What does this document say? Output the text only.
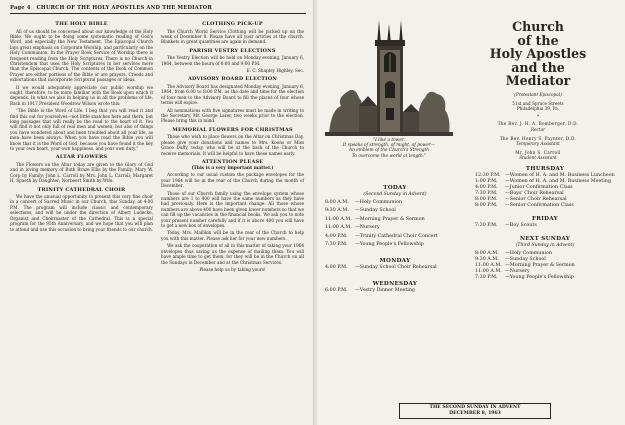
Page 4 CHURCH OF THE HOLY APOSTLES AND THE MEDIATOR
THE HOLY BIBLE

All of us should be concerned about our knowledge of the Holy Bible. We ought to be doing some systematic reading of God's Word, and especially the New Testament. The Episcopal Church lays great emphasis on Corporate Worship, and particularly on the Holy Communion. In the Prayer Book Service of Worship there is frequent reading from the Holy Scriptures. There is no Church in Christendom that uses the Holy Scriptures in her services more than the Episcopal Church. The contents of the Book of Common Prayer are either portions of the Bible or are prayers, Creeds and exhortations that incorporate Scriptural passages or ideas.

If we would adequately appreciate our public worship we ought, therefore, to be more familiar with the Book upon which it depends. In what we also in helping us in all the problems of life. Back in 1917 President Woodrow Wilson wrote this:

"The Bible is the Word of Life. I beg that you will read it and find this out for yourselves—not little snatches here and there, but long passages that will really be the road to the heart of it. You will find it not only full of real men and women, but also of things you have wondered about and been troubled about all your life, as men have been always. When you have read the Bible you will know that it is the Word of God, because you have found it the key to your own heart, your own happiness, and your own duty."

ALTAR FLOWERS

The Flowers on the Altar today are given to the Glory of God and in loving memory of Ruth Braze Ellis by the Family; Mary W. Corp by Family; John L. Carroll by Mrs. John L. Carroll; Margaret H. Spaeth by Daughter; Norbeert Smith by Wife.

TRINITY CATHEDRAL CHOIR

We have the unusual opportunity to present this very fine choir in a concert of Sacred Music in our Church, this Sunday, at 4:00 P.M. The program will include classic and contemporary selections, and will be under the direction of Albert Ludecke, Organist and Choirmaster of the Cathedral. This is a special program for the 95th Anniversary, and we hope that you will plan to attend and use this occasion to bring your friends to our church.

CLOTHING PICK-UP

The Church World Service Clothing will be picked up on the week of December 8. Please have all your articles at the church. Blankets in great quantities are again in demand.

PARISH VESTRY ELECTIONS

The Vestry Election will be held on Monday evening, January 6, 1964, between the hours of 8:00 and 9:00 P.M.

E. C. Shapley Highley, Sec.
ADVISORY BOARD ELECTION

The Advisory Board has designated Monday evening, January 6, 1964, from 6:00 to 8:00 P.M. as the date and time for the election of four men to the Advisory Board to fill the places of four whose terms will expire.

All nominations with five signatures must be made in writing to the Secretary, Mr. George Lazer, two weeks prior to the election. Please bring this in mind.

MEMORIAL FLOWERS FOR CHRISTMAS

Those who wish to place flowers on the Altar on Christmas Day, please give your donations and names to Mrs. Koons or Miss Grace Duffy, today, who will be at the back of the Church to receive memorials. It will be helpful to have these names early.

ATTENTION PLEASE
(This is a very important matter.)

According to our usual custom the package envelopes for the year 1964 will be in the rear of the Church during the month of December.

Those of our Church family using the envelope system whose numbers are 1 to 400 will have the same numbers as they have had previously. Here is the important change: All those whose numbers are above 400 have been given lower numbers so that we can fill up the vacancies in the financial books. We ask you to note your present number carefully and if it is above 400 you will have to get a new box of envelopes.

Today, Mrs. Mallikin will be in the rear of the Church to help you with this matter. Please ask her for your new numbers.

We ask the cooperation of all in this matter of taking your 1964 envelopes thus saving us the expense of mailing them. You will have ample time to get them, for they will be in the Church on all the Sundays in December and at the Christmas Services.

Please help us by taking yours!

"I like a tower.
It speaks of strength, of might, of power—
An emblem of the Church's Strength
To overcome the world at length."
Church
of the
Holy Apostles
and the
Mediator
(Protestant Episcopal)
51st and Spruce Streets
Philadelphia 39, Pa.
*
The Rev. J. H. A. Bomberger, D.D.
Rector
The Rev. Henry S. Paynter, D.D.
Temporary Assistant
Mr. John S. Carroll
Student Assistant
TODAY
(Second Sunday in Advent)
8:00 A.M.	—Holy Communion
9:30 A.M.	—Sunday School
11:00 A.M. —Morning Prayer & Sermon
11:00 A.M. —Nursery
4:00 P.M.	—Trinity Cathedral Choir Concert
7:30 P.M.	—Young People's Fellowship
MONDAY
4:00 P.M.	—Sunday School Choir Rehearsal
WEDNESDAY
6:00 P.M.	—Vestry Dinner Meeting
THURSDAY
12:30 P.M. —Women of H. A. and M. Business Luncheon
1:00 P.M.	—Women of H. A. and M. Business Meeting
4:00 P.M.	—Junior Confirmation Class
7:30 P.M.	—Boys' Choir Rehearsal
8:00 P.M.	—Senior Choir Rehearsal
8:00 P.M.	—Senior Confirmation Class
FRIDAY
7:30 P.M.	—Boy Scouts
NEXT SUNDAY
(Third Sunday in Advent)
8:00 A.M.	—Holy Communion
9:30 A.M.	—Sunday School
11:00 A.M. —Morning Prayer & Sermon
11:00 A.M. —Nursery
7:30 P.M.	—Young People's Fellowship
THE SECOND SUNDAY IN ADVENT
DECEMBER 8, 1963
